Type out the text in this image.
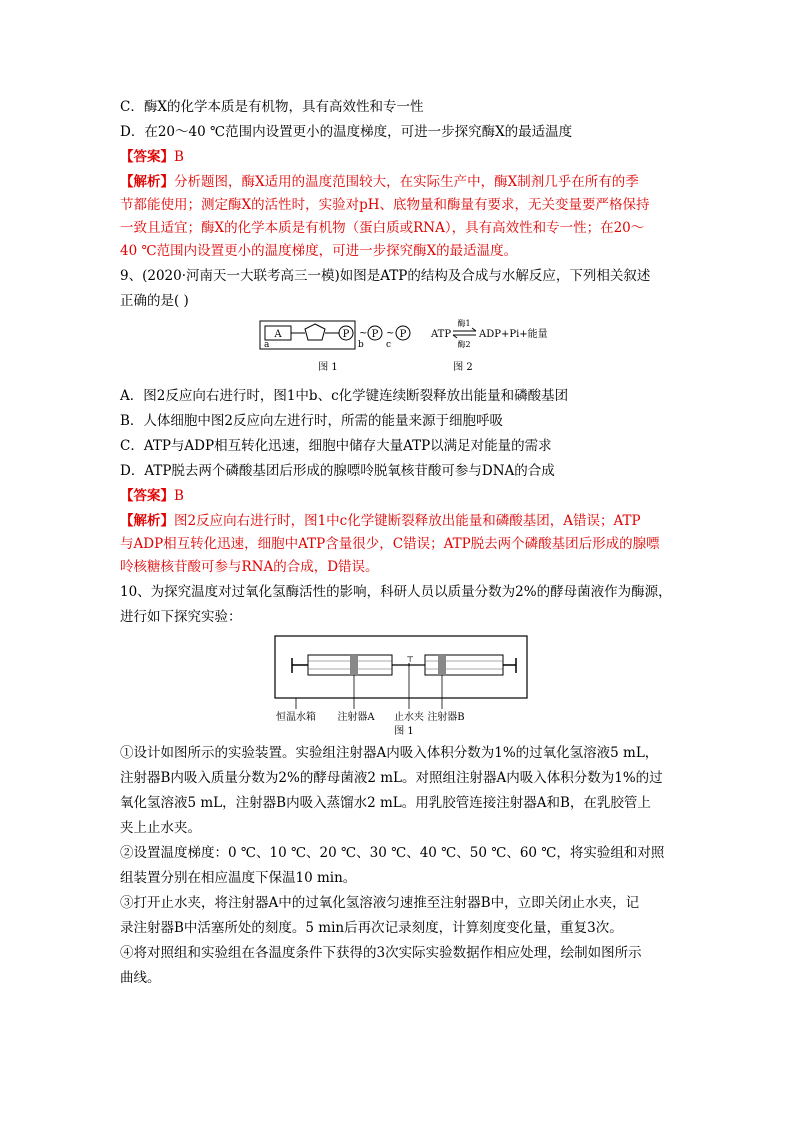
C．酶X的化学本质是有机物，具有高效性和专一性
D．在20～40 ℃范围内设置更小的温度梯度，可进一步探究酶X的最适温度
【答案】B
【解析】分析题图，酶X适用的温度范围较大，在实际生产中，酶X制剂几乎在所有的季
节都能使用；测定酶X的活性时，实验对pH、底物量和酶量有要求，无关变量要严格保持
一致且适宜；酶X的化学本质是有机物（蛋白质或RNA），具有高效性和专一性；在20～
40 ℃范围内设置更小的温度梯度，可进一步探究酶X的最适温度。
9、(2020·河南天一大联考高三一模)如图是ATP的结构及合成与水解反应，下列相关叙述
正确的是( )
A
a
P ~
b
P ~
c
P ATP
酶1
酶2
ADP+Pi+能量
图 1	图 2
A．图2反应向右进行时，图1中b、c化学键连续断裂释放出能量和磷酸基团
B．人体细胞中图2反应向左进行时，所需的能量来源于细胞呼吸
C．ATP与ADP相互转化迅速，细胞中储存大量ATP以满足对能量的需求
D．ATP脱去两个磷酸基团后形成的腺嘌呤脱氧核苷酸可参与DNA的合成
【答案】B
【解析】图2反应向右进行时，图1中c化学键断裂释放出能量和磷酸基团，A错误；ATP
与ADP相互转化迅速，细胞中ATP含量很少，C错误；ATP脱去两个磷酸基团后形成的腺嘌
呤核糖核苷酸可参与RNA的合成，D错误。
10、为探究温度对过氧化氢酶活性的影响，科研人员以质量分数为2%的酵母菌液作为酶源，
进行如下探究实验：
⊤
恒温水箱 注射器A 止水夹 注射器B
图 1
①设计如图所示的实验装置。实验组注射器A内吸入体积分数为1%的过氧化氢溶液5 mL，
注射器B内吸入质量分数为2%的酵母菌液2 mL。对照组注射器A内吸入体积分数为1%的过
氧化氢溶液5 mL，注射器B内吸入蒸馏水2 mL。用乳胶管连接注射器A和B，在乳胶管上
夹上止水夹。
②设置温度梯度：0 ℃、10 ℃、20 ℃、30 ℃、40 ℃、50 ℃、60 ℃，将实验组和对照
组装置分别在相应温度下保温10 min。
③打开止水夹，将注射器A中的过氧化氢溶液匀速推至注射器B中，立即关闭止水夹，记
录注射器B中活塞所处的刻度。5 min后再次记录刻度，计算刻度变化量，重复3次。
④将对照组和实验组在各温度条件下获得的3次实际实验数据作相应处理，绘制如图所示
曲线。
